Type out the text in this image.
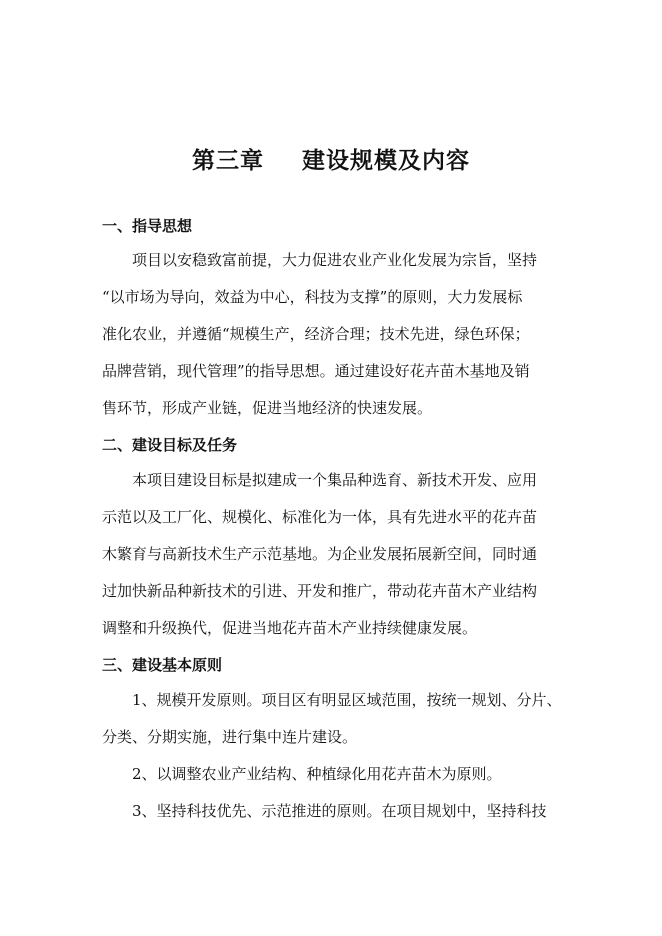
第三章 建设规模及内容
一、指导思想
项目以安稳致富前提，大力促进农业产业化发展为宗旨，坚持
“以市场为导向，效益为中心，科技为支撑”的原则，大力发展标
准化农业，并遵循“规模生产，经济合理；技术先进，绿色环保；
品牌营销，现代管理”的指导思想。通过建设好花卉苗木基地及销
售环节，形成产业链，促进当地经济的快速发展。
二、建设目标及任务
本项目建设目标是拟建成一个集品种选育、新技术开发、应用
示范以及工厂化、规模化、标准化为一体，具有先进水平的花卉苗
木繁育与高新技术生产示范基地。为企业发展拓展新空间，同时通
过加快新品种新技术的引进、开发和推广，带动花卉苗木产业结构
调整和升级换代，促进当地花卉苗木产业持续健康发展。
三、建设基本原则
1、规模开发原则。项目区有明显区域范围，按统一规划、分片、
分类、分期实施，进行集中连片建设。
2、以调整农业产业结构、种植绿化用花卉苗木为原则。
3、坚持科技优先、示范推进的原则。在项目规划中，坚持科技
